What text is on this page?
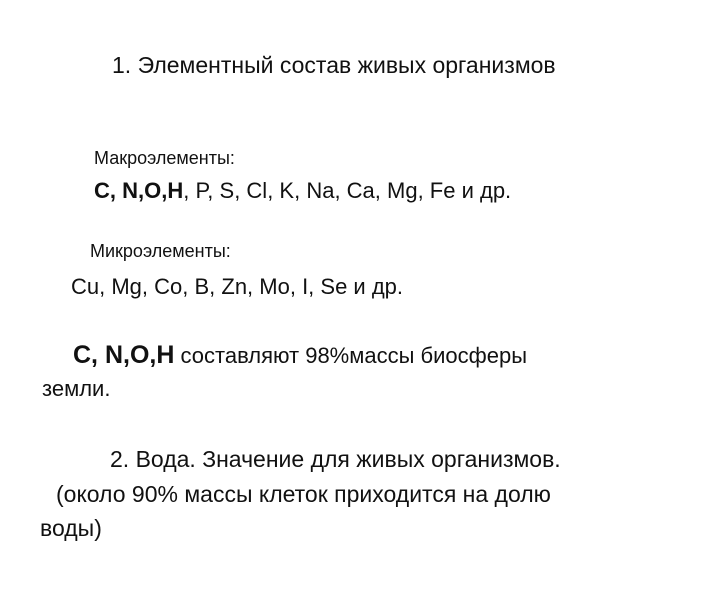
1. Элементный состав живых организмов
Макроэлементы:
C, N,O,H, P, S, Cl, K, Na, Ca, Mg, Fe и др.
Микроэлементы:
Cu, Mg, Co, B, Zn, Mo, I, Se и др.
C, N,O,H составляют 98%массы биосферы
земли.
2. Вода. Значение для живых организмов.
(около 90% массы клеток приходится на долю
воды)
